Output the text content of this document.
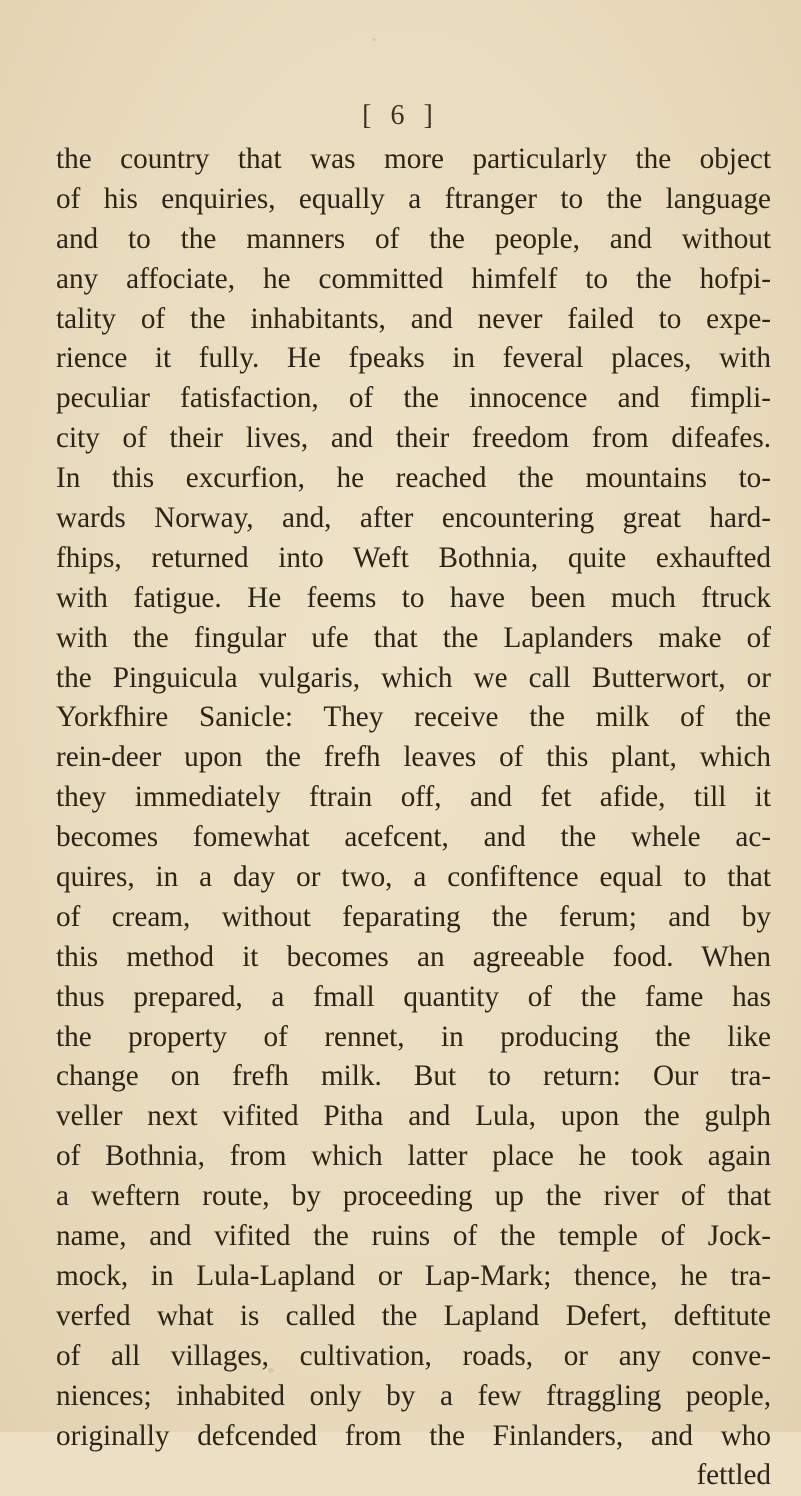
[ 6 ]
the country that was more particularly the object
of his enquiries, equally a ftranger to the language
and to the manners of the people, and without
any affociate, he committed himfelf to the hofpi-
tality of the inhabitants, and never failed to expe-
rience it fully. He fpeaks in feveral places, with
peculiar fatisfaction, of the innocence and fimpli-
city of their lives, and their freedom from difeafes.
In this excurfion, he reached the mountains to-
wards Norway, and, after encountering great hard-
fhips, returned into Weft Bothnia, quite exhaufted
with fatigue. He feems to have been much ftruck
with the fingular ufe that the Laplanders make of
the Pinguicula vulgaris, which we call Butterwort, or
Yorkfhire Sanicle: They receive the milk of the
rein-deer upon the frefh leaves of this plant, which
they immediately ftrain off, and fet afide, till it
becomes fomewhat acefcent, and the whele ac-
quires, in a day or two, a confiftence equal to that
of cream, without feparating the ferum; and by
this method it becomes an agreeable food. When
thus prepared, a fmall quantity of the fame has
the property of rennet, in producing the like
change on frefh milk. But to return: Our tra-
veller next vifited Pitha and Lula, upon the gulph
of Bothnia, from which latter place he took again
a weftern route, by proceeding up the river of that
name, and vifited the ruins of the temple of Jock-
mock, in Lula-Lapland or Lap-Mark; thence, he tra-
verfed what is called the Lapland Defert, deftitute
of all villages, cultivation, roads, or any conve-
niences; inhabited only by a few ftraggling people,
originally defcended from the Finlanders, and who
fettled
